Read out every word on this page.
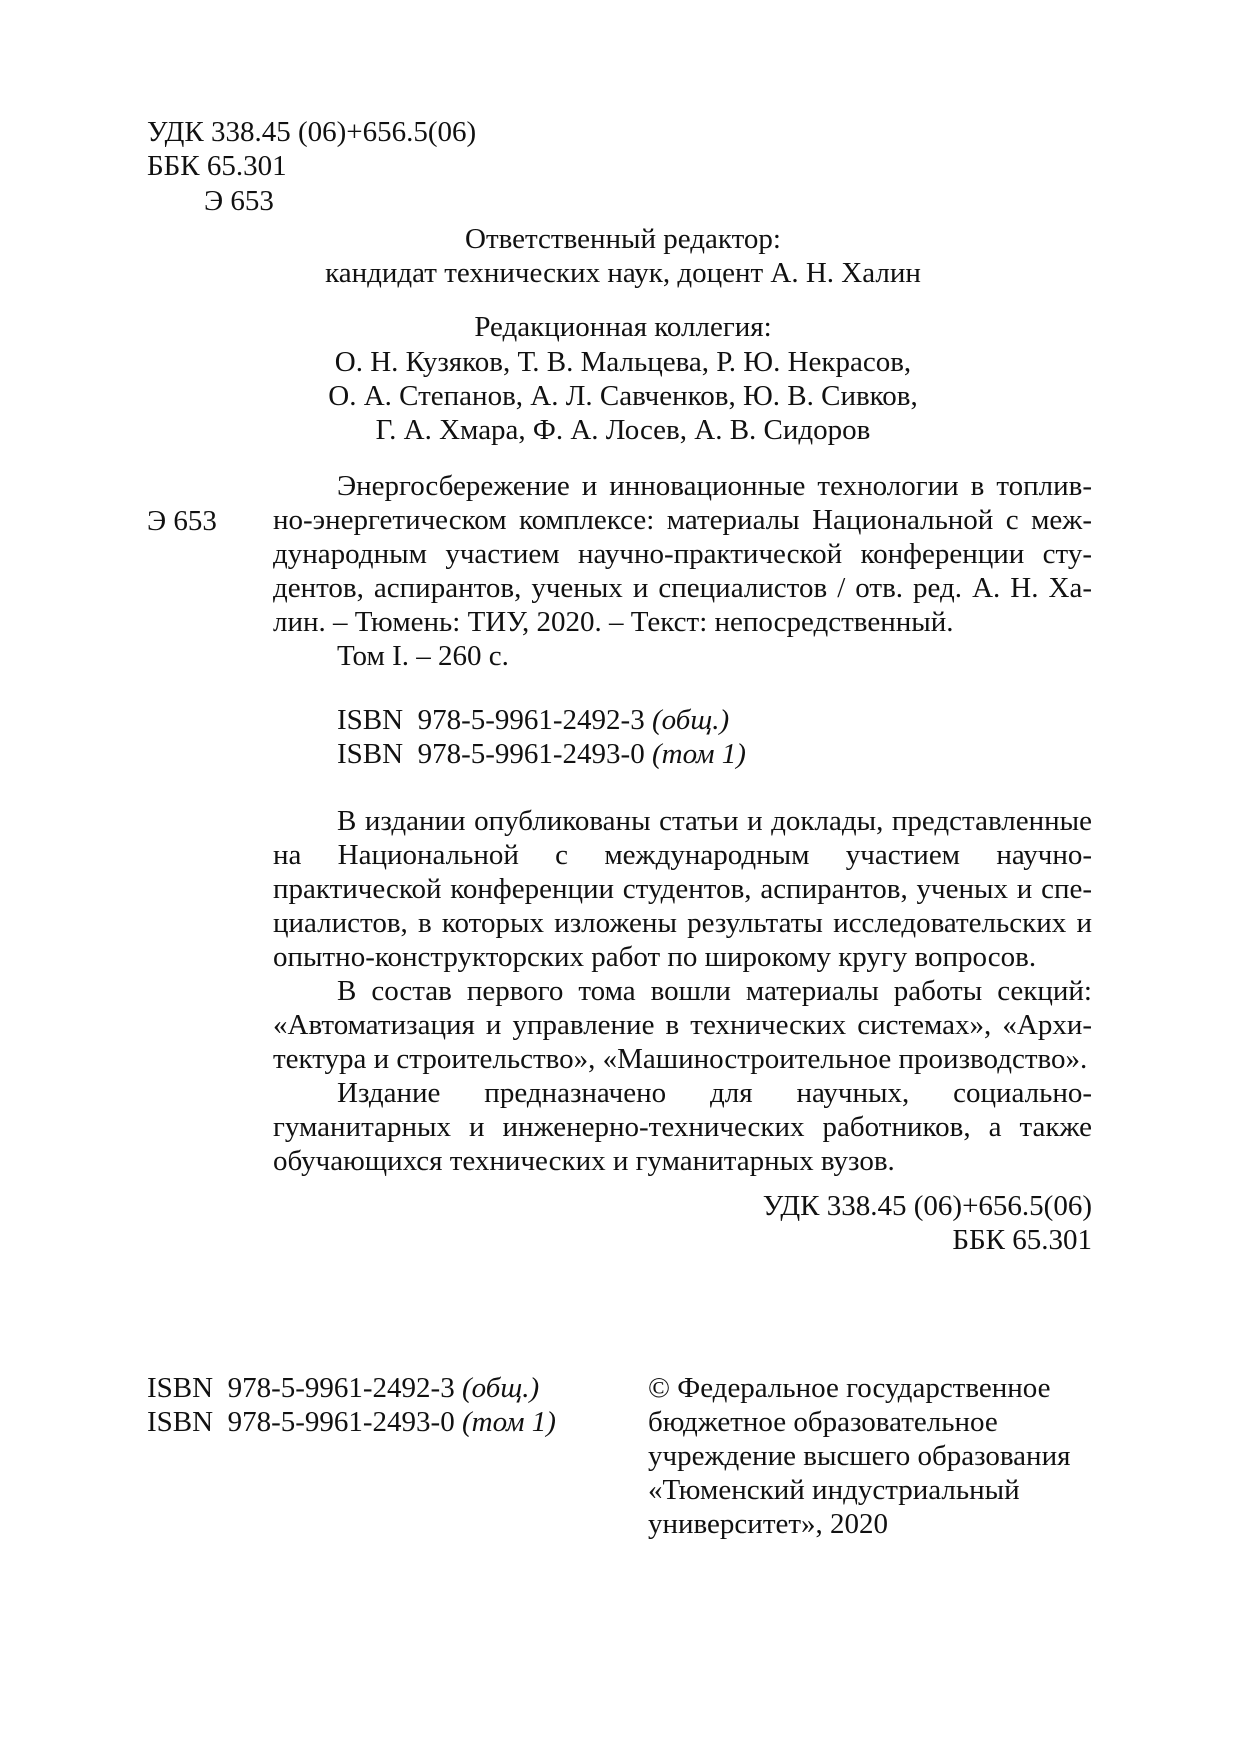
УДК 338.45 (06)+656.5(06)
ББК 65.301
Э 653
Ответственный редактор:
кандидат технических наук, доцент А. Н. Халин
Редакционная коллегия:
О. Н. Кузяков, Т. В. Мальцева, Р. Ю. Некрасов,
О. А. Степанов, А. Л. Савченков, Ю. В. Сивков,
Г. А. Хмара, Ф. А. Лосев, А. В. Сидоров
Э 653
Энергосбережение и инновационные технологии в топлив-
но-энергетическом комплексе: материалы Национальной с меж-
дународным участием научно-практической конференции сту-
дентов, аспирантов, ученых и специалистов / отв. ред. А. Н. Ха-
лин. – Тюмень: ТИУ, 2020. – Текст: непосредственный.
Том I. – 260 с.
ISBN 978-5-9961-2492-3 (общ.)
ISBN 978-5-9961-2493-0 (том 1)
В издании опубликованы статьи и доклады, представленные
на Национальной с международным участием научно-
практической конференции студентов, аспирантов, ученых и спе-
циалистов, в которых изложены результаты исследовательских и
опытно-конструкторских работ по широкому кругу вопросов.
В состав первого тома вошли материалы работы секций:
«Автоматизация и управление в технических системах», «Архи-
тектура и строительство», «Машиностроительное производство».
Издание предназначено для научных, социально-
гуманитарных и инженерно-технических работников, а также
обучающихся технических и гуманитарных вузов.
УДК 338.45 (06)+656.5(06)
ББК 65.301
ISBN 978-5-9961-2492-3 (общ.)
ISBN 978-5-9961-2493-0 (том 1)
© Федеральное государственное
бюджетное образовательное
учреждение высшего образования
«Тюменский индустриальный
университет», 2020
